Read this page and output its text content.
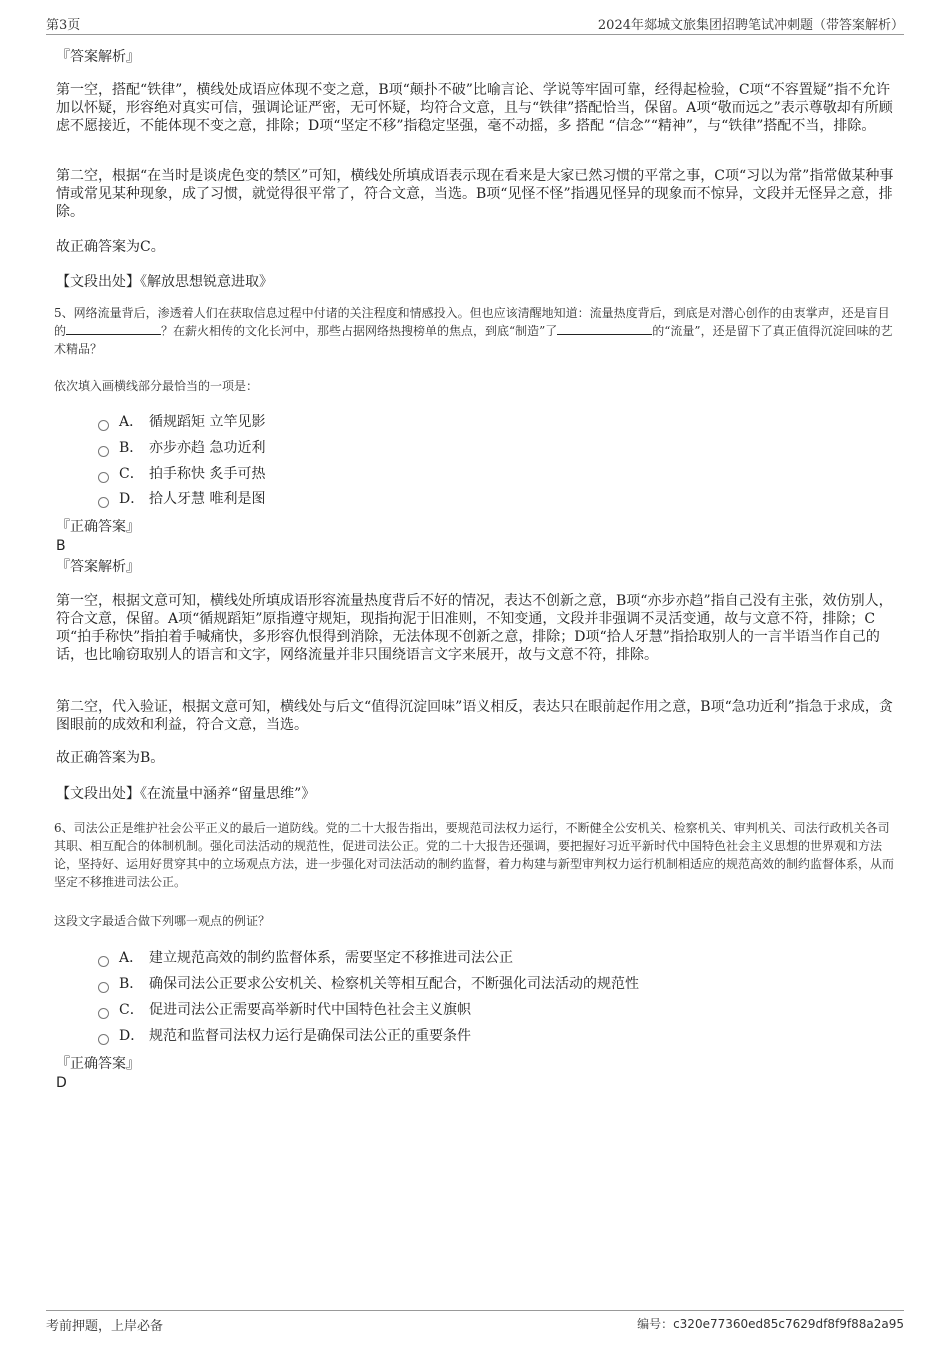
第3页	2024年郯城文旅集团招聘笔试冲刺题（带答案解析）
『答案解析』
第一空，搭配“铁律”，横线处成语应体现不变之意，B项“颠扑不破”比喻言论、学说等牢固可靠，经得起检验，C项“不容置疑”指不允许加以怀疑，形容绝对真实可信，强调论证严密，无可怀疑，均符合文意，且与“铁律”搭配恰当，保留。A项“敬而远之”表示尊敬却有所顾虑不愿接近，不能体现不变之意，排除；D项“坚定不移”指稳定坚强，毫不动摇，多 搭配 “信念”“精神”，与“铁律”搭配不当，排除。
第二空，根据“在当时是谈虎色变的禁区”可知，横线处所填成语表示现在看来是大家已然习惯的平常之事，C项“习以为常”指常做某种事情或常见某种现象，成了习惯，就觉得很平常了，符合文意，当选。B项“见怪不怪”指遇见怪异的现象而不惊异，文段并无怪异之意，排除。
故正确答案为C。
【文段出处】《解放思想锐意进取》
5、网络流量背后，渗透着人们在获取信息过程中付诸的关注程度和情感投入。但也应该清醒地知道：流量热度背后，到底是对潜心创作的由衷掌声，还是盲目的	？在薪火相传的文化长河中，那些占据网络热搜榜单的焦点，到底“制造”了	的“流量”，还是留下了真正值得沉淀回味的艺术精品？
依次填入画横线部分最恰当的一项是：
A． 循规蹈矩 立竿见影
B． 亦步亦趋 急功近利
C． 拍手称快 炙手可热
D． 拾人牙慧 唯利是图
『正确答案』
B
『答案解析』
第一空，根据文意可知，横线处所填成语形容流量热度背后不好的情况，表达不创新之意，B项“亦步亦趋”指自己没有主张，效仿别人，符合文意，保留。A项“循规蹈矩”原指遵守规矩，现指拘泥于旧准则，不知变通，文段并非强调不灵活变通，故与文意不符，排除；C项“拍手称快”指拍着手喊痛快，多形容仇恨得到消除，无法体现不创新之意，排除；D项“拾人牙慧”指拾取别人的一言半语当作自己的话，也比喻窃取别人的语言和文字，网络流量并非只围绕语言文字来展开，故与文意不符，排除。
第二空，代入验证，根据文意可知，横线处与后文“值得沉淀回味”语义相反，表达只在眼前起作用之意，B项“急功近利”指急于求成，贪图眼前的成效和利益，符合文意，当选。
故正确答案为B。
【文段出处】《在流量中涵养“留量思维”》
6、司法公正是维护社会公平正义的最后一道防线。党的二十大报告指出，要规范司法权力运行，不断健全公安机关、检察机关、审判机关、司法行政机关各司其职、相互配合的体制机制。强化司法活动的规范性，促进司法公正。党的二十大报告还强调，要把握好习近平新时代中国特色社会主义思想的世界观和方法论，坚持好、运用好贯穿其中的立场观点方法，进一步强化对司法活动的制约监督，着力构建与新型审判权力运行机制相适应的规范高效的制约监督体系，从而坚定不移推进司法公正。
这段文字最适合做下列哪一观点的例证？
A． 建立规范高效的制约监督体系，需要坚定不移推进司法公正
B． 确保司法公正要求公安机关、检察机关等相互配合，不断强化司法活动的规范性
C． 促进司法公正需要高举新时代中国特色社会主义旗帜
D． 规范和监督司法权力运行是确保司法公正的重要条件
『正确答案』
D
考前押题，上岸必备	编号：c320e77360ed85c7629df8f9f88a2a95
